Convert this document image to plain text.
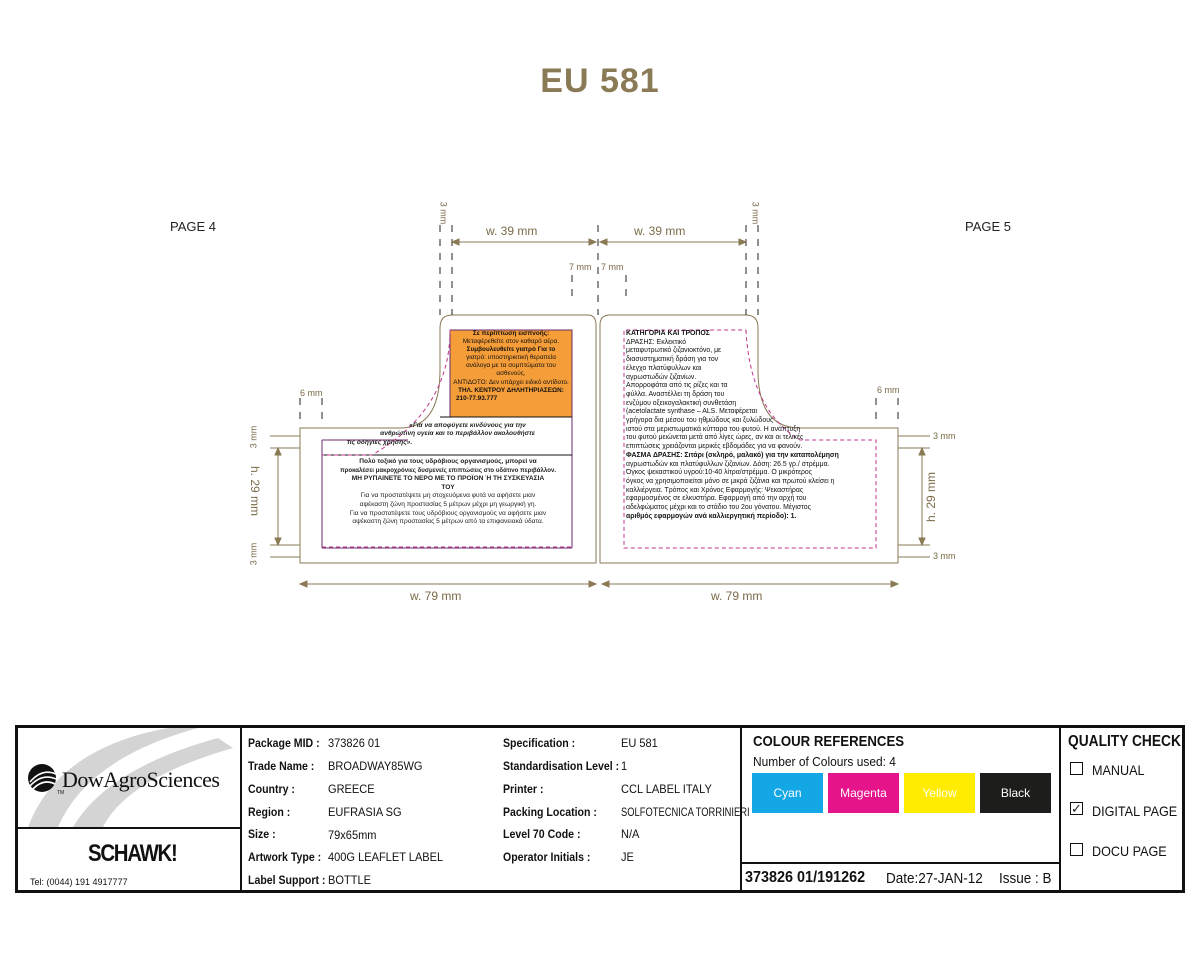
EU 581
PAGE 4	PAGE 5
w. 39 mm	w. 39 mm
7 mm 7 mm
6 mm	6 mm
3 mm	3 mm
3 mm
3 mm
3 mm
3 mm
h. 29 mm	h. 29 mm
w. 79 mm	w. 79 mm
Σε περίπτωση εισπνοής:
Μεταφέρεθείτε στον καθαρό αέρα.
Συμβουλευθείτε γιατρό Για το
γιατρό: υποστηρικτική θεραπεία
ανάλογα με τα συμπτώματα του
ασθενούς.
ΑΝΤΙΔΟΤΟ: Δεν υπάρχει ειδικό αντίδοτο.
ΤΗΛ. ΚΕΝΤΡΟΥ ΔΗΛΗΤΗΡΙΑΣΕΩΝ:
210-77.93.777
«Για να αποφύγετε κινδύνους για την
ανθρώπινη υγεία και το περιβάλλον ακολουθήστε
τις οδηγίες χρήσης».
Πολύ τοξικό για τους υδρόβιους οργανισμούς, μπορεί να
προκαλέσει μακροχρόνιες δυσμενείς επιπτώσεις στο υδάτινο περιβάλλον.
ΜΗ ΡΥΠΑΙΝΕΤΕ ΤΟ ΝΕΡΟ ΜΕ ΤΟ ΠΡΟΪΟΝ Ή ΤΗ ΣΥΣΚΕΥΑΣΙΑ
ΤΟΥ
Για να προστατέψετε μη στοχευόμενα φυτά να αφήσετε μιαν
αψέκαστη ζώνη προστασίας 5 μέτρων μέχρι μη γεωργική γη.
Για να προστατέψετε τους υδρόβιους οργανισμούς να αφήσετε μιαν
αψέκαστη ζώνη προστασίας 5 μέτρων από τα επιφανειακά ύδατα.
ΚΑΤΗΓΟΡΙΑ ΚΑΙ ΤΡΟΠΟΣ
ΔΡΑΣΗΣ: Εκλεκτικό
μεταφυτρωτικό ζιζανιοκτόνο, με
διασυστηματική δράση για τον
έλεγχο πλατύφυλλων και
αγρωστωδών ζιζανίων.
Απορροφάται από τις ρίζες και τα
φύλλα. Αναστέλλει τη δράση του
ενζύμου οξεικογαλακτική συνθετάση
(acetolactate synthase – ALS. Μεταφέρεται
γρήγορα δια μέσου του ηθμώδους και ξυλώδους
ιστού στα μεριστωματικά κύτταρα του φυτού. Η ανάπτυξη
του φυτού μειώνεται μετά από λίγες ώρες, αν και οι τελικές
επιπτώσεις χρειάζονται μερικές εβδομάδες για να φανούν.
ΦΑΣΜΑ ΔΡΑΣΗΣ: Σιτάρι (σκληρό, μαλακό) για την καταπολέμηση
αγρωστωδών και πλατύφυλλων ζιζανίων. Δόση: 26.5 γρ./ στρέμμα.
Όγκος ψεκαστικού υγρού:10-40 λίτρα/στρέμμα. Ο μικρότερος
όγκος να χρησιμοποιείται μόνο σε μικρά ζιζάνια και πρωτού κλείσει η
καλλιέργεια. Τρόπος και Χρόνος Εφαρμογής: Ψεκαστήρας
εφαρμοσμένος σε ελκυστήρα. Εφαρμογή από την αρχή του
αδελφώματος μέχρι και το στάδιο του 2ου γόνατου. Μέγιστος
αριθμός εφαρμογών ανά καλλιεργητική περίοδο): 1.
DowAgroSciences
TM
SCHAWK!
Tel: (0044) 191 4917777
Package MID : 373826 01
Trade Name : BROADWAY85WG
Country :	GREECE
Region :	EUFRASIA SG
Size :	79x65mm
Artwork Type : 400G LEAFLET LABEL
Label Support : BOTTLE
Specification :	EU 581
Standardisation Level : 1
Printer :	CCL LABEL ITALY
Packing Location : SOLFOTECNICA TORRINIERI
Level 70 Code :	N/A
Operator Initials :	JE
COLOUR REFERENCES
Number of Colours used: 4
Cyan	Magenta	Yellow	Black
373826 01/191262 Date:27-JAN-12 Issue : B
QUALITY CHECK
MANUAL
✓ DIGITAL PAGE
DOCU PAGE
